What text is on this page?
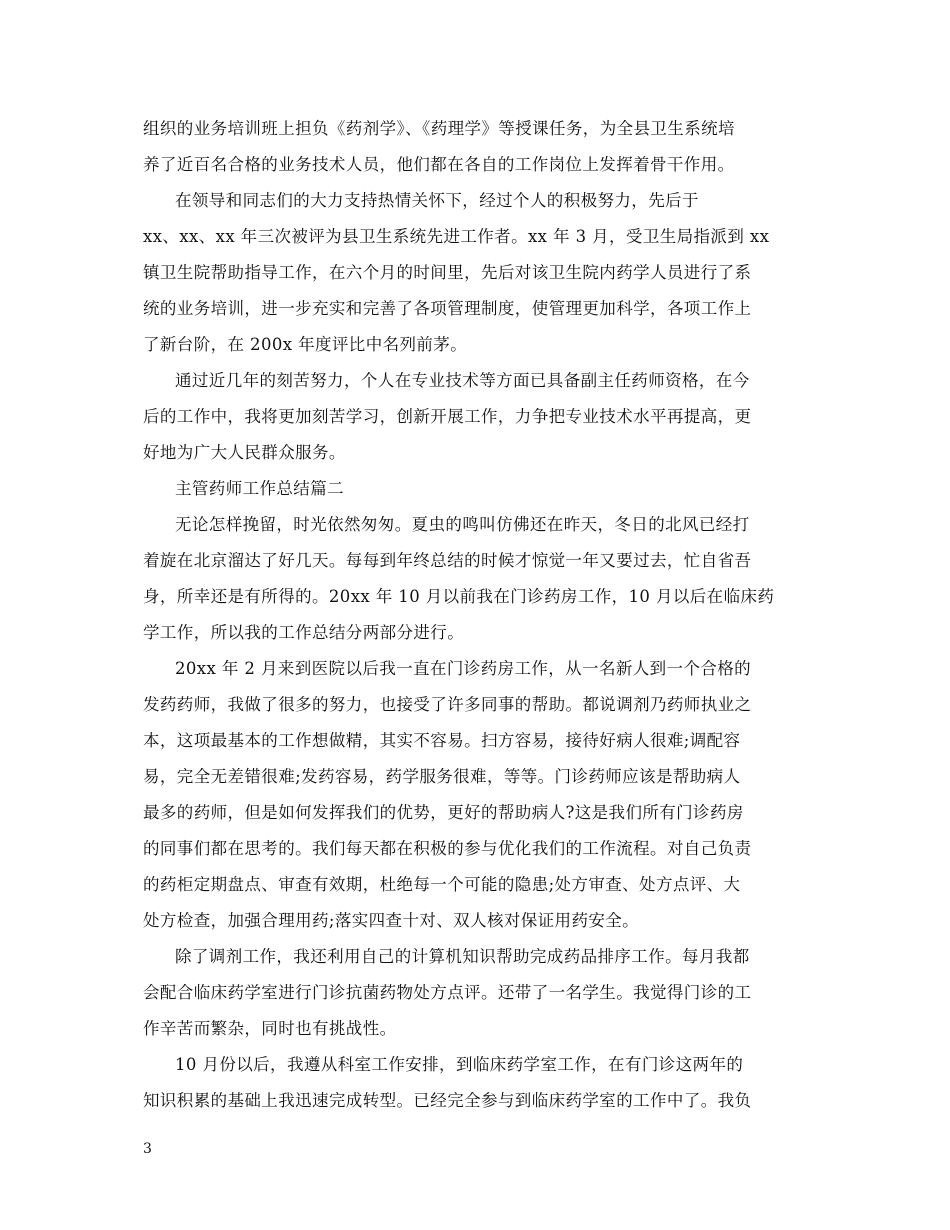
组织的业务培训班上担负《药剂学》、《药理学》等授课任务，为全县卫生系统培
养了近百名合格的业务技术人员，他们都在各自的工作岗位上发挥着骨干作用。
在领导和同志们的大力支持热情关怀下，经过个人的积极努力，先后于
xx、xx、xx 年三次被评为县卫生系统先进工作者。xx 年 3 月，受卫生局指派到 xx
镇卫生院帮助指导工作，在六个月的时间里，先后对该卫生院内药学人员进行了系
统的业务培训，进一步充实和完善了各项管理制度，使管理更加科学，各项工作上
了新台阶，在 200x 年度评比中名列前茅。
通过近几年的刻苦努力，个人在专业技术等方面已具备副主任药师资格，在今
后的工作中，我将更加刻苦学习，创新开展工作，力争把专业技术水平再提高，更
好地为广大人民群众服务。
主管药师工作总结篇二
无论怎样挽留，时光依然匆匆。夏虫的鸣叫仿佛还在昨天，冬日的北风已经打
着旋在北京溜达了好几天。每每到年终总结的时候才惊觉一年又要过去，忙自省吾
身，所幸还是有所得的。20xx 年 10 月以前我在门诊药房工作，10 月以后在临床药
学工作，所以我的工作总结分两部分进行。
20xx 年 2 月来到医院以后我一直在门诊药房工作，从一名新人到一个合格的
发药药师，我做了很多的努力，也接受了许多同事的帮助。都说调剂乃药师执业之
本，这项最基本的工作想做精，其实不容易。扫方容易，接待好病人很难;调配容
易，完全无差错很难;发药容易，药学服务很难，等等。门诊药师应该是帮助病人
最多的药师，但是如何发挥我们的优势，更好的帮助病人?这是我们所有门诊药房
的同事们都在思考的。我们每天都在积极的参与优化我们的工作流程。对自己负责
的药柜定期盘点、审查有效期，杜绝每一个可能的隐患;处方审查、处方点评、大
处方检查，加强合理用药;落实四查十对、双人核对保证用药安全。
除了调剂工作，我还利用自己的计算机知识帮助完成药品排序工作。每月我都
会配合临床药学室进行门诊抗菌药物处方点评。还带了一名学生。我觉得门诊的工
作辛苦而繁杂，同时也有挑战性。
10 月份以后，我遵从科室工作安排，到临床药学室工作，在有门诊这两年的
知识积累的基础上我迅速完成转型。已经完全参与到临床药学室的工作中了。我负
3
